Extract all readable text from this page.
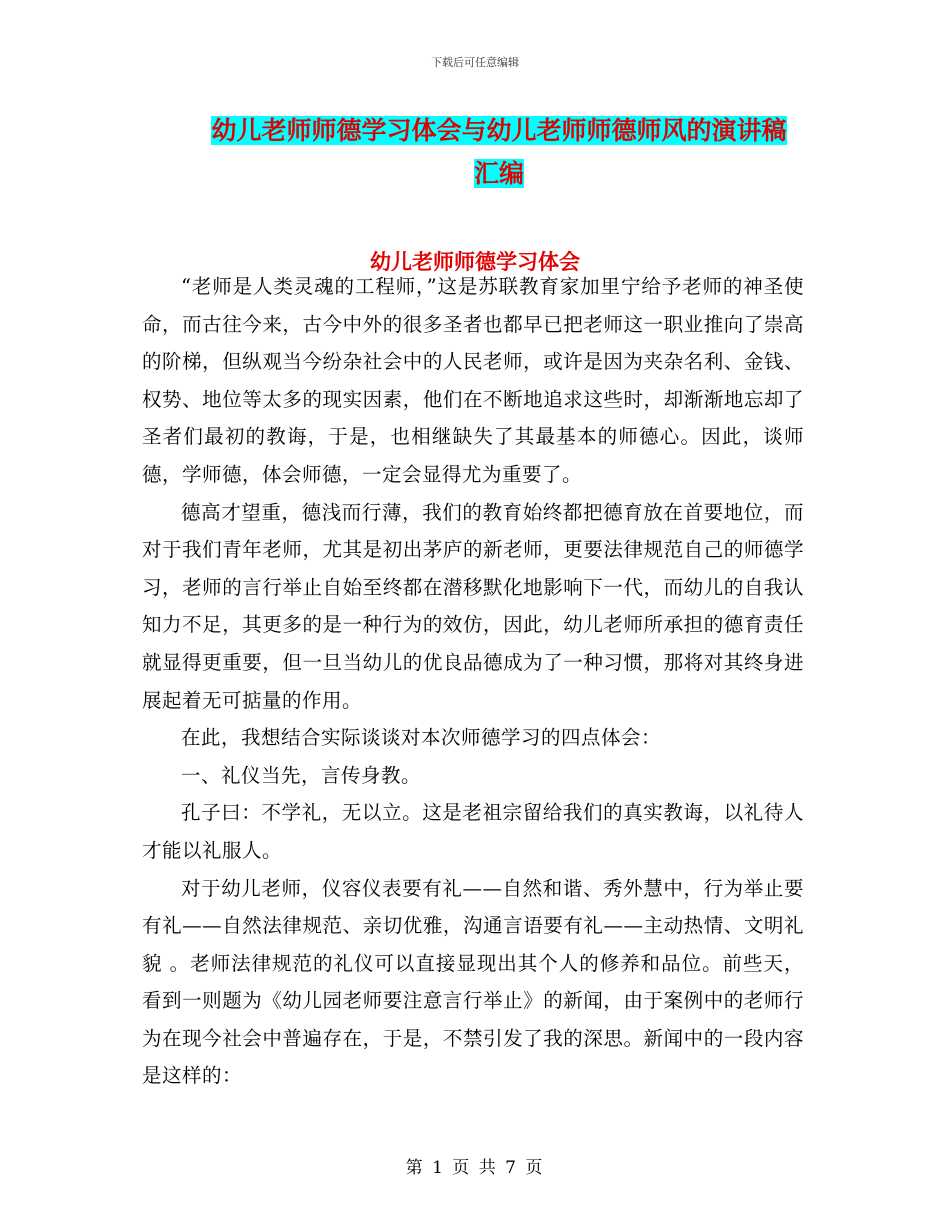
下载后可任意编辑
幼儿老师师德学习体会与幼儿老师师德师风的演讲稿
汇编
幼儿老师师德学习体会

“老师是人类灵魂的工程师，”这是苏联教育家加里宁给予老师的神圣使命，而古往今来，古今中外的很多圣者也都早已把老师这一职业推向了崇高的阶梯，但纵观当今纷杂社会中的人民老师，或许是因为夹杂名利、金钱、权势、地位等太多的现实因素，他们在不断地追求这些时，却渐渐地忘却了圣者们最初的教诲，于是，也相继缺失了其最基本的师德心。因此，谈师德，学师德，体会师德，一定会显得尤为重要了。

德高才望重，德浅而行薄，我们的教育始终都把德育放在首要地位，而对于我们青年老师，尤其是初出茅庐的新老师，更要法律规范自己的师德学习，老师的言行举止自始至终都在潜移默化地影响下一代，而幼儿的自我认知力不足，其更多的是一种行为的效仿，因此，幼儿老师所承担的德育责任就显得更重要，但一旦当幼儿的优良品德成为了一种习惯，那将对其终身进展起着无可掂量的作用。

在此，我想结合实际谈谈对本次师德学习的四点体会：

一、礼仪当先，言传身教。

孔子曰：不学礼，无以立。这是老祖宗留给我们的真实教诲，以礼待人才能以礼服人。

对于幼儿老师，仪容仪表要有礼——自然和谐、秀外慧中，行为举止要有礼——自然法律规范、亲切优雅，沟通言语要有礼——主动热情、文明礼貌 。老师法律规范的礼仪可以直接显现出其个人的修养和品位。前些天，看到一则题为《幼儿园老师要注意言行举止》的新闻，由于案例中的老师行为在现今社会中普遍存在，于是，不禁引发了我的深思。新闻中的一段内容是这样的：

第 1 页 共 7 页
